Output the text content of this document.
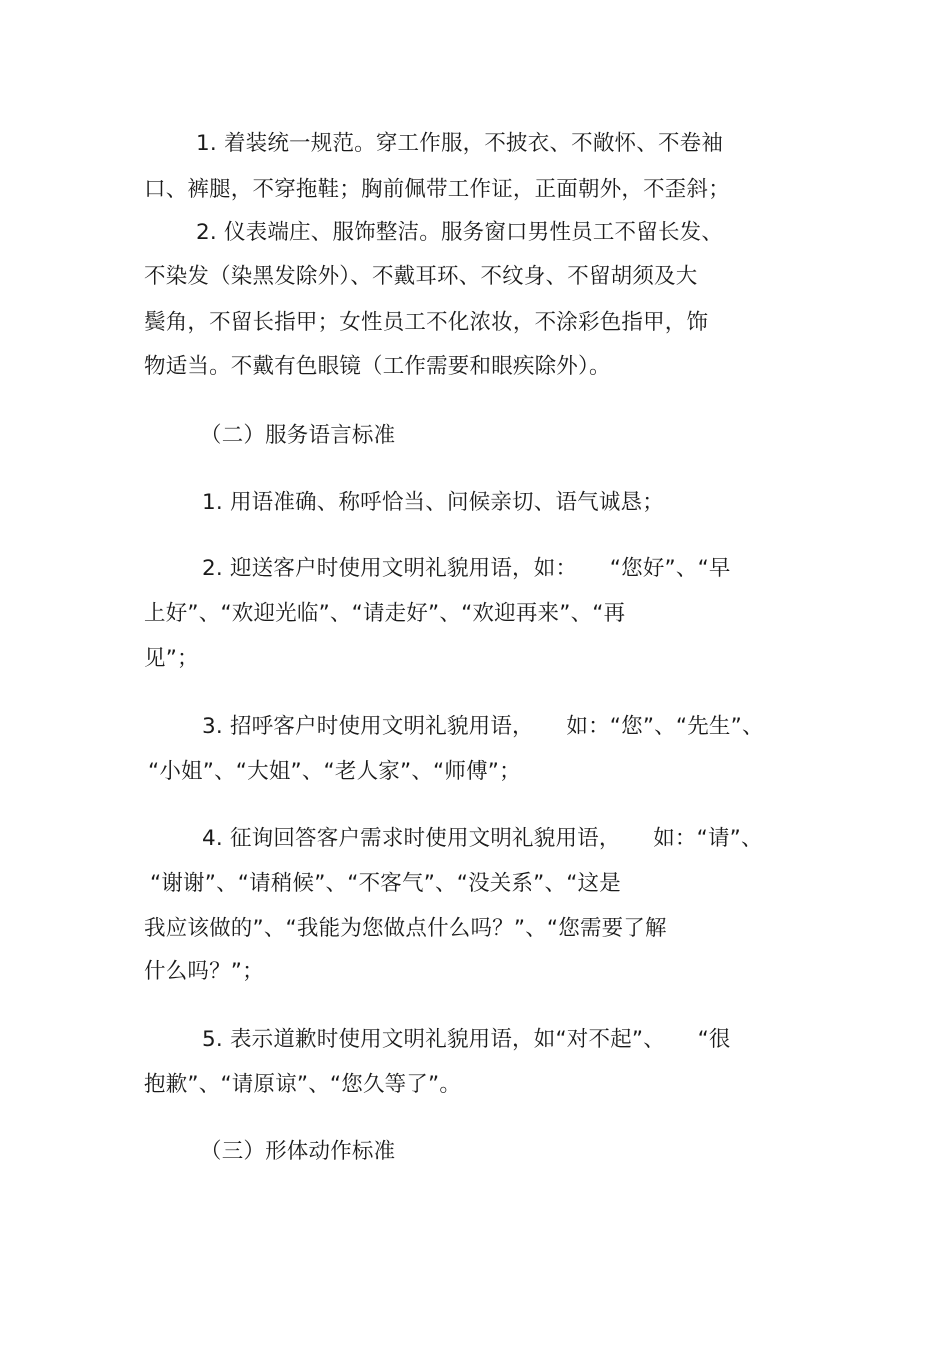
1. 着装统一规范。穿工作服，不披衣、不敞怀、不卷袖
口、裤腿，不穿拖鞋；胸前佩带工作证，正面朝外，不歪斜；
2. 仪表端庄、服饰整洁。服务窗口男性员工不留长发、
不染发（染黑发除外）、不戴耳环、不纹身、不留胡须及大
鬓角，不留长指甲；女性员工不化浓妆，不涂彩色指甲，饰
物适当。不戴有色眼镜（工作需要和眼疾除外）。
（二）服务语言标准
1. 用语准确、称呼恰当、问候亲切、语气诚恳；
2. 迎送客户时使用文明礼貌用语，如：　　“您好”、“早
上好”、“欢迎光临”、“请走好”、“欢迎再来”、“再
见”；
3. 招呼客户时使用文明礼貌用语，　　如：“您”、“先生”、
“小姐”、“大姐”、“老人家”、“师傅”；
4. 征询回答客户需求时使用文明礼貌用语，　　如：“请”、
“谢谢”、“请稍候”、“不客气”、“没关系”、“这是
我应该做的”、“我能为您做点什么吗？”、“您需要了解
什么吗？”；
5. 表示道歉时使用文明礼貌用语，如“对不起”、　　“很
抱歉”、“请原谅”、“您久等了”。
（三）形体动作标准
